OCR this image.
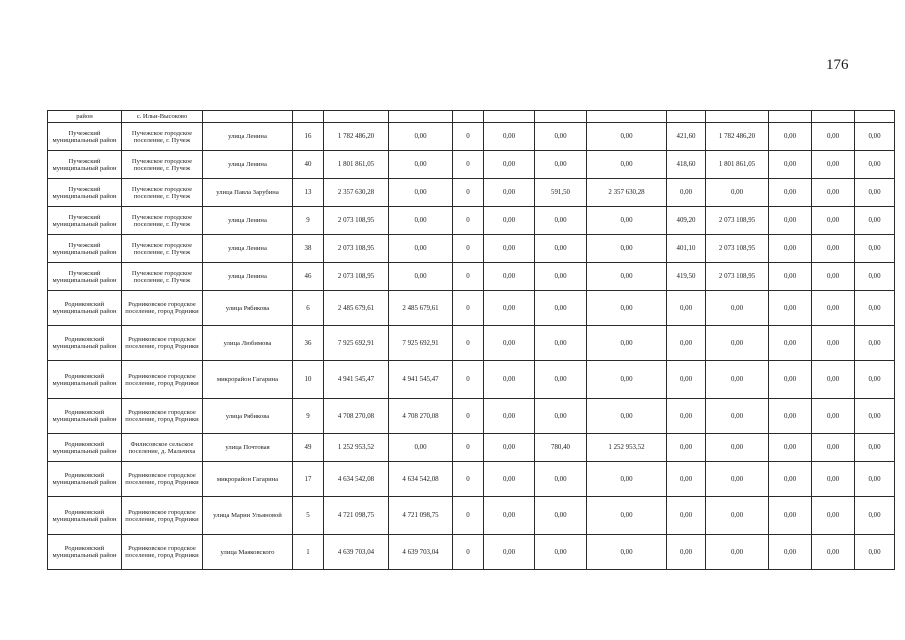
176
район	с. Ильи-Высоково													
Пучежский муниципальный район	Пучежское городское поселение, г. Пучеж	улица Ленина	16	1 782 486,20	0,00	0	0,00	0,00	0,00	421,60	1 782 486,20	0,00	0,00	0,00
Пучежский муниципальный район	Пучежское городское поселение, г. Пучеж	улица Ленина	40	1 801 861,05	0,00	0	0,00	0,00	0,00	418,60	1 801 861,05	0,00	0,00	0,00
Пучежский муниципальный район	Пучежское городское поселение, г. Пучеж	улица Павла Зарубина	13	2 357 630,28	0,00	0	0,00	591,50	2 357 630,28	0,00	0,00	0,00	0,00	0,00
Пучежский муниципальный район	Пучежское городское поселение, г. Пучеж	улица Ленина	9	2 073 108,95	0,00	0	0,00	0,00	0,00	409,20	2 073 108,95	0,00	0,00	0,00
Пучежский муниципальный район	Пучежское городское поселение, г. Пучеж	улица Ленина	38	2 073 108,95	0,00	0	0,00	0,00	0,00	401,10	2 073 108,95	0,00	0,00	0,00
Пучежский муниципальный район	Пучежское городское поселение, г. Пучеж	улица Ленина	46	2 073 108,95	0,00	0	0,00	0,00	0,00	419,50	2 073 108,95	0,00	0,00	0,00
Родниковский муниципальный район	Родниковское городское поселение, город Родники	улица Рябикова	6	2 485 679,61	2 485 679,61	0	0,00	0,00	0,00	0,00	0,00	0,00	0,00	0,00
Родниковский муниципальный район	Родниковское городское поселение, город Родники	улица Любимова	36	7 925 692,91	7 925 692,91	0	0,00	0,00	0,00	0,00	0,00	0,00	0,00	0,00
Родниковский муниципальный район	Родниковское городское поселение, город Родники	микрорайон Гагарина	10	4 941 545,47	4 941 545,47	0	0,00	0,00	0,00	0,00	0,00	0,00	0,00	0,00
Родниковский муниципальный район	Родниковское городское поселение, город Родники	улица Рябикова	9	4 708 270,08	4 708 270,08	0	0,00	0,00	0,00	0,00	0,00	0,00	0,00	0,00
Родниковский муниципальный район	Филисовское сельское поселение, д. Мальчиха	улица Почтовая	49	1 252 953,52	0,00	0	0,00	780,40	1 252 953,52	0,00	0,00	0,00	0,00	0,00
Родниковский муниципальный район	Родниковское городское поселение, город Родники	микрорайон Гагарина	17	4 634 542,08	4 634 542,08	0	0,00	0,00	0,00	0,00	0,00	0,00	0,00	0,00
Родниковский муниципальный район	Родниковское городское поселение, город Родники	улица Марии Ульяновой	5	4 721 098,75	4 721 098,75	0	0,00	0,00	0,00	0,00	0,00	0,00	0,00	0,00
Родниковский муниципальный район	Родниковское городское поселение, город Родники	улица Маяковского	1	4 639 703,04	4 639 703,04	0	0,00	0,00	0,00	0,00	0,00	0,00	0,00	0,00
